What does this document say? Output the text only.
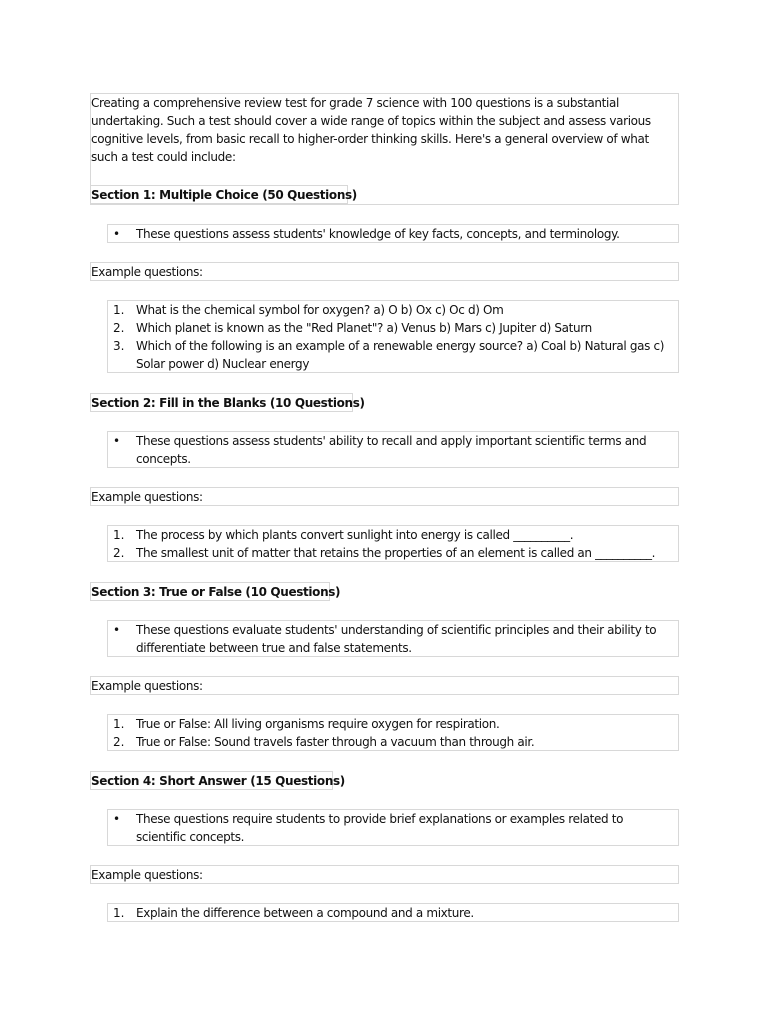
Creating a comprehensive review test for grade 7 science with 100 questions is a substantial

undertaking. Such a test should cover a wide range of topics within the subject and assess various

cognitive levels, from basic recall to higher-order thinking skills. Here's a general overview of what

such a test could include:

Section 1: Multiple Choice (50 Questions)

• These questions assess students' knowledge of key facts, concepts, and terminology.

Example questions:

1. What is the chemical symbol for oxygen? a) O b) Ox c) Oc d) Om

2. Which planet is known as the "Red Planet"? a) Venus b) Mars c) Jupiter d) Saturn

3. Which of the following is an example of a renewable energy source? a) Coal b) Natural gas c)

Solar power d) Nuclear energy

Section 2: Fill in the Blanks (10 Questions)

• These questions assess students' ability to recall and apply important scientific terms and

concepts.

Example questions:

1. The process by which plants convert sunlight into energy is called __________.

2. The smallest unit of matter that retains the properties of an element is called an __________.

Section 3: True or False (10 Questions)

• These questions evaluate students' understanding of scientific principles and their ability to

differentiate between true and false statements.

Example questions:

1. True or False: All living organisms require oxygen for respiration.

2. True or False: Sound travels faster through a vacuum than through air.

Section 4: Short Answer (15 Questions)

• These questions require students to provide brief explanations or examples related to

scientific concepts.

Example questions:

1. Explain the difference between a compound and a mixture.
